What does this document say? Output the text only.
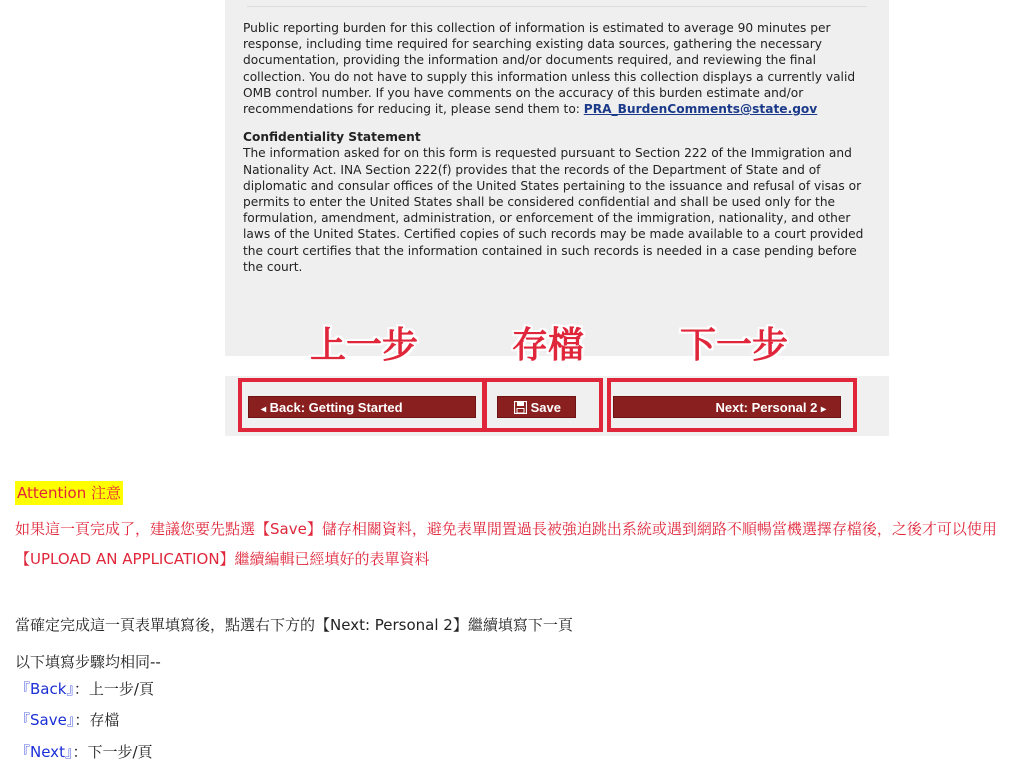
Public reporting burden for this collection of information is estimated to average 90 minutes per response, including time required for searching existing data sources, gathering the necessary documentation, providing the information and/or documents required, and reviewing the final collection. You do not have to supply this information unless this collection displays a currently valid OMB control number. If you have comments on the accuracy of this burden estimate and/or recommendations for reducing it, please send them to: PRA_BurdenComments@state.gov

Confidentiality Statement
The information asked for on this form is requested pursuant to Section 222 of the Immigration and Nationality Act. INA Section 222(f) provides that the records of the Department of State and of diplomatic and consular offices of the United States pertaining to the issuance and refusal of visas or permits to enter the United States shall be considered confidential and shall be used only for the formulation, amendment, administration, or enforcement of the immigration, nationality, and other laws of the United States. Certified copies of such records may be made available to a court provided the court certifies that the information contained in such records is needed in a case pending before the court.

◂ Back: Getting Started	Save	Next: Personal 2 ▸
上一步	存檔	下一步
Attention 注意
如果這一頁完成了，建議您要先點選【Save】儲存相關資料，避免表單閒置過長被強迫跳出系統或遇到網路不順暢當機選擇存檔後，之後才可以使用【UPLOAD AN APPLICATION】繼續編輯已經填好的表單資料
當確定完成這一頁表單填寫後，點選右下方的【Next: Personal 2】繼續填寫下一頁
以下填寫步驟均相同--
『Back』：上一步/頁
『Save』：存檔
『Next』：下一步/頁
